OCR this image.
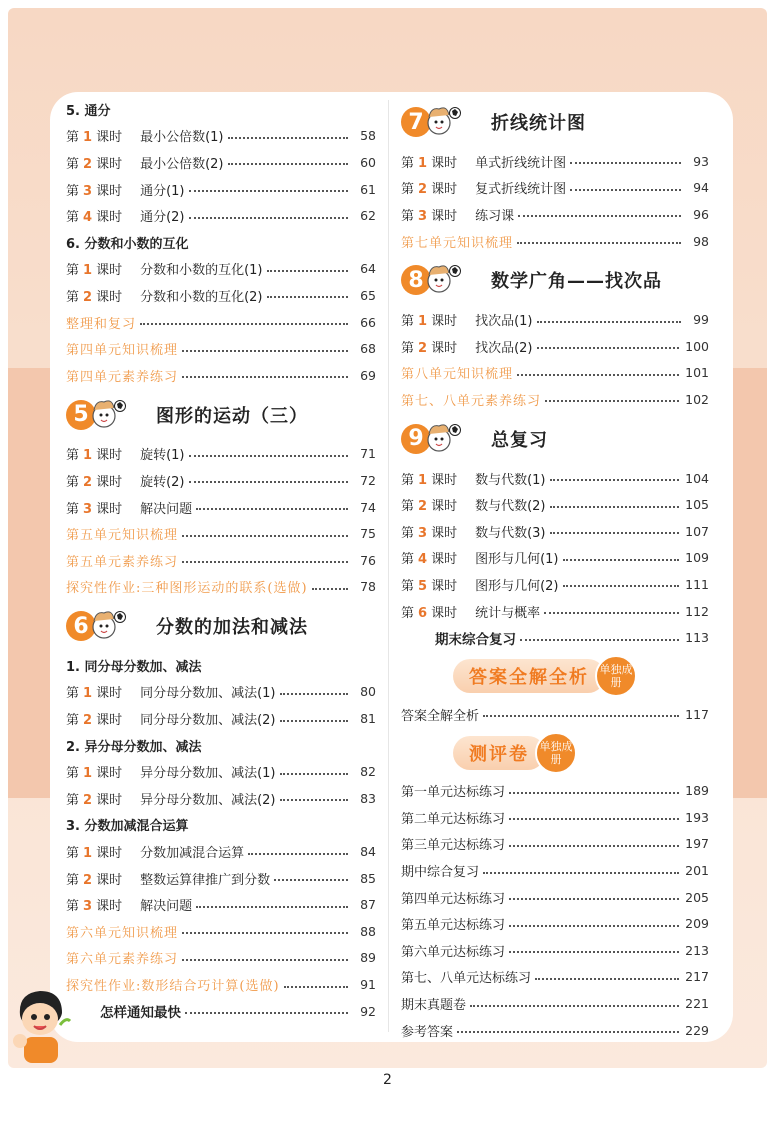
5. 通分
第 1 课时 最小公倍数(1)	58
第 2 课时 最小公倍数(2)	60
第 3 课时 通分(1)	61
第 4 课时 通分(2)	62
6. 分数和小数的互化
第 1 课时 分数和小数的互化(1)	64
第 2 课时 分数和小数的互化(2)	65
整理和复习	66
第四单元知识梳理	68
第四单元素养练习	69
5	图形的运动（三）
第 1 课时 旋转(1)	71
第 2 课时 旋转(2)	72
第 3 课时 解决问题	74
第五单元知识梳理	75
第五单元素养练习	76
探究性作业:三种图形运动的联系(选做)	78
6	分数的加法和减法
1. 同分母分数加、减法
第 1 课时 同分母分数加、减法(1)	80
第 2 课时 同分母分数加、减法(2)	81
2. 异分母分数加、减法
第 1 课时 异分母分数加、减法(1)	82
第 2 课时 异分母分数加、减法(2)	83
3. 分数加减混合运算
第 1 课时 分数加减混合运算	84
第 2 课时 整数运算律推广到分数	85
第 3 课时 解决问题	87
第六单元知识梳理	88
第六单元素养练习	89
探究性作业:数形结合巧计算(选做)	91
怎样通知最快	92
7	折线统计图
第 1 课时 单式折线统计图	93
第 2 课时 复式折线统计图	94
第 3 课时 练习课	96
第七单元知识梳理	98
8	数学广角——找次品
第 1 课时 找次品(1)	99
第 2 课时 找次品(2)	100
第八单元知识梳理	101
第七、八单元素养练习	102
9	总复习
第 1 课时 数与代数(1)	104
第 2 课时 数与代数(2)	105
第 3 课时 数与代数(3)	107
第 4 课时 图形与几何(1)	109
第 5 课时 图形与几何(2)	111
第 6 课时 统计与概率	112
期末综合复习	113
答案全解全析 单独成册
答案全解全析	117
测评卷 单独成册
第一单元达标练习	189
第二单元达标练习	193
第三单元达标练习	197
期中综合复习	201
第四单元达标练习	205
第五单元达标练习	209
第六单元达标练习	213
第七、八单元达标练习	217
期末真题卷	221
参考答案	229
2
